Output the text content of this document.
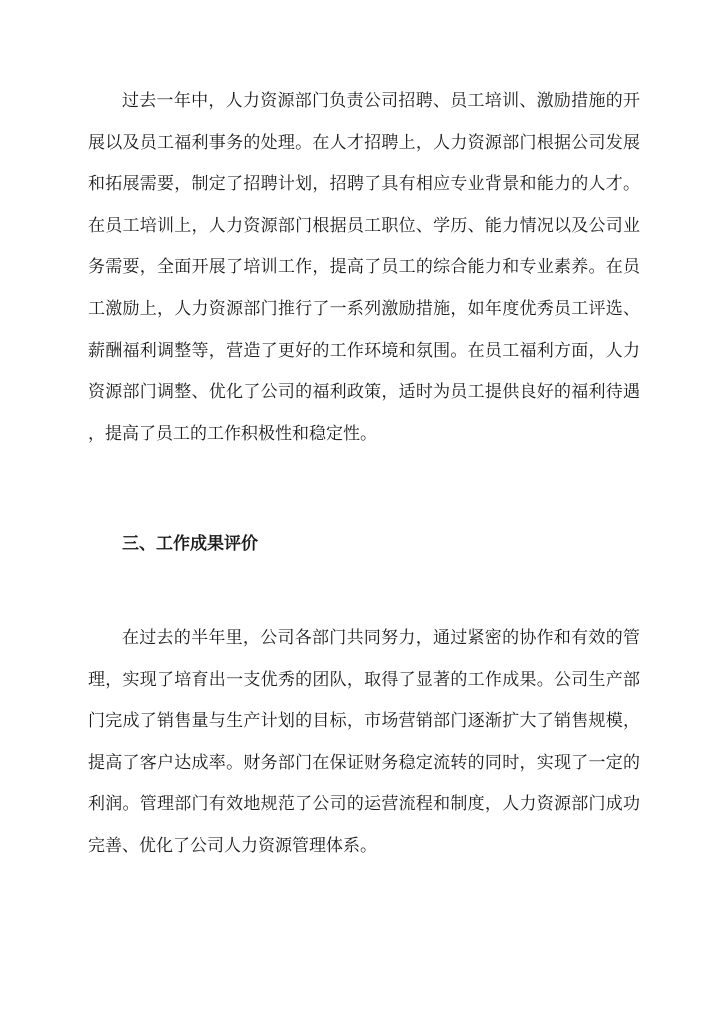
过去一年中，人力资源部门负责公司招聘、员工培训、激励措施的开
展以及员工福利事务的处理。在人才招聘上，人力资源部门根据公司发展
和拓展需要，制定了招聘计划，招聘了具有相应专业背景和能力的人才。
在员工培训上，人力资源部门根据员工职位、学历、能力情况以及公司业
务需要，全面开展了培训工作，提高了员工的综合能力和专业素养。在员
工激励上，人力资源部门推行了一系列激励措施，如年度优秀员工评选、
薪酬福利调整等，营造了更好的工作环境和氛围。在员工福利方面，人力
资源部门调整、优化了公司的福利政策，适时为员工提供良好的福利待遇
，提高了员工的工作积极性和稳定性。
三、工作成果评价
在过去的半年里，公司各部门共同努力，通过紧密的协作和有效的管
理，实现了培育出一支优秀的团队，取得了显著的工作成果。公司生产部
门完成了销售量与生产计划的目标，市场营销部门逐渐扩大了销售规模，
提高了客户达成率。财务部门在保证财务稳定流转的同时，实现了一定的
利润。管理部门有效地规范了公司的运营流程和制度，人力资源部门成功
完善、优化了公司人力资源管理体系。
